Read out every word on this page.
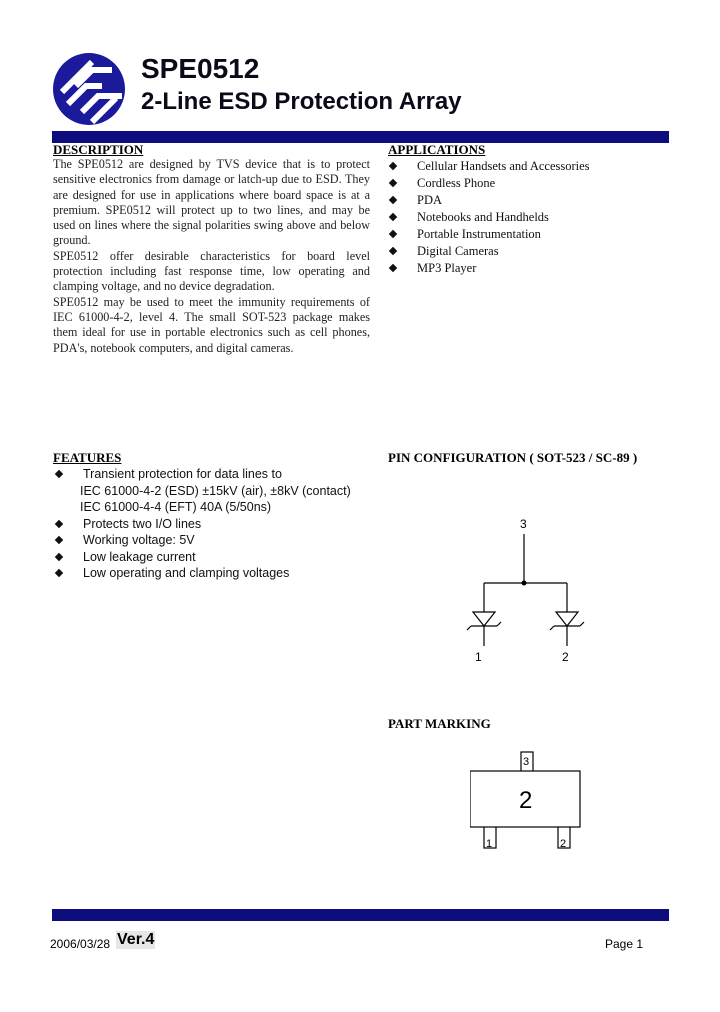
SPE0512
2-Line ESD Protection Array
DESCRIPTION

The SPE0512 are designed by TVS device that is to protect sensitive electronics from damage or latch-up due to ESD. They are designed for use in applications where board space is at a premium. SPE0512 will protect up to two lines, and may be used on lines where the signal polarities swing above and below ground.

SPE0512 offer desirable characteristics for board level protection including fast response time, low operating and clamping voltage, and no device degradation.

SPE0512 may be used to meet the immunity requirements of IEC 61000-4-2, level 4. The small SOT-523 package makes them ideal for use in portable electronics such as cell phones, PDA's, notebook computers, and digital cameras.

APPLICATIONS
Cellular Handsets and Accessories
Cordless Phone
PDA
Notebooks and Handhelds
Portable Instrumentation
Digital Cameras
MP3 Player
FEATURES
Transient protection for data lines to
IEC 61000-4-2 (ESD) ±15kV (air), ±8kV (contact)
IEC 61000-4-4 (EFT) 40A (5/50ns)
Protects two I/O lines
Working voltage: 5V
Low leakage current
Low operating and clamping voltages
PIN CONFIGURATION ( SOT-523 / SC-89 )
3
1	2
PART MARKING
2
3
1	2
2006/03/28 Ver.4	Page 1
